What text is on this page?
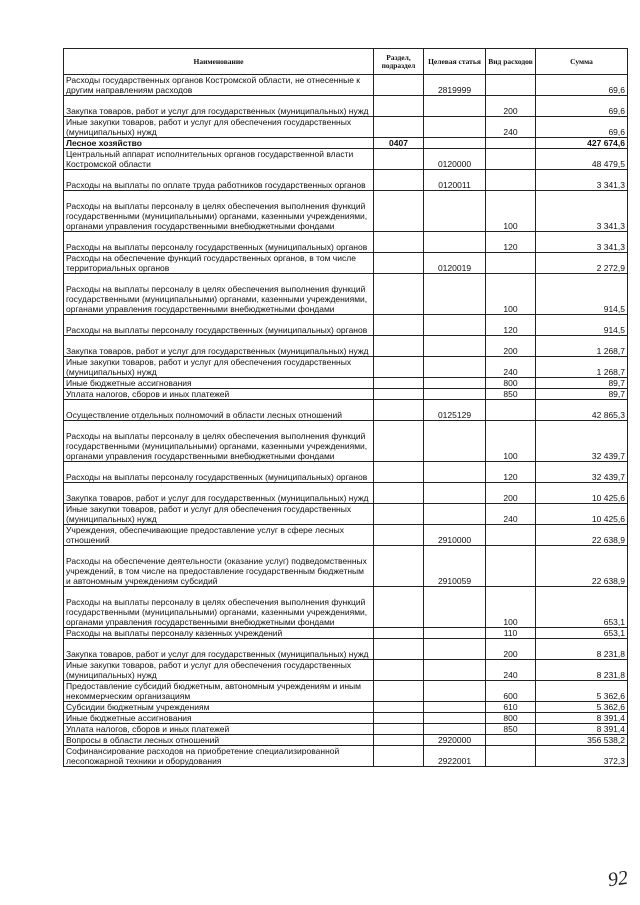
Наименование	Раздел, подраздел	Целевая статья	Вид расходов	Сумма
Расходы государственных органов Костромской области, не отнесенные к другим направлениям расходов		2819999		69,6
Закупка товаров, работ и услуг для государственных (муниципальных) нужд			200	69,6
Иные закупки товаров, работ и услуг для обеспечения государственных (муниципальных) нужд			240	69,6
Лесное хозяйство	0407			427 674,6
Центральный аппарат исполнительных органов государственной власти Костромской области		0120000		48 479,5
Расходы на выплаты по оплате труда работников государственных органов		0120011		3 341,3
Расходы на выплаты персоналу в целях обеспечения выполнения функций государственными (муниципальными) органами, казенными учреждениями, органами управления государственными внебюджетными фондами			100	3 341,3
Расходы на выплаты персоналу государственных (муниципальных) органов			120	3 341,3
Расходы на обеспечение функций государственных органов, в том числе территориальных органов		0120019		2 272,9
Расходы на выплаты персоналу в целях обеспечения выполнения функций государственными (муниципальными) органами, казенными учреждениями, органами управления государственными внебюджетными фондами			100	914,5
Расходы на выплаты персоналу государственных (муниципальных) органов			120	914,5
Закупка товаров, работ и услуг для государственных (муниципальных) нужд			200	1 268,7
Иные закупки товаров, работ и услуг для обеспечения государственных (муниципальных) нужд			240	1 268,7
Иные бюджетные ассигнования			800	89,7
Уплата налогов, сборов и иных платежей			850	89,7
Осуществление отдельных полномочий в области лесных отношений		0125129		42 865,3
Расходы на выплаты персоналу в целях обеспечения выполнения функций государственными (муниципальными) органами, казенными учреждениями, органами управления государственными внебюджетными фондами			100	32 439,7
Расходы на выплаты персоналу государственных (муниципальных) органов			120	32 439,7
Закупка товаров, работ и услуг для государственных (муниципальных) нужд			200	10 425,6
Иные закупки товаров, работ и услуг для обеспечения государственных (муниципальных) нужд			240	10 425,6
Учреждения, обеспечивающие предоставление услуг в сфере лесных отношений		2910000		22 638,9
Расходы на обеспечение деятельности (оказание услуг) подведомственных учреждений, в том числе на предоставление государственным бюджетным и автономным учреждениям субсидий		2910059		22 638,9
Расходы на выплаты персоналу в целях обеспечения выполнения функций государственными (муниципальными) органами, казенными учреждениями, органами управления государственными внебюджетными фондами			100	653,1
Расходы на выплаты персоналу казенных учреждений			110	653,1
Закупка товаров, работ и услуг для государственных (муниципальных) нужд			200	8 231,8
Иные закупки товаров, работ и услуг для обеспечения государственных (муниципальных) нужд			240	8 231,8
Предоставление субсидий бюджетным, автономным учреждениям и иным некоммерческим организациям			600	5 362,6
Субсидии бюджетным учреждениям			610	5 362,6
Иные бюджетные ассигнования			800	8 391,4
Уплата налогов, сборов и иных платежей			850	8 391,4
Вопросы в области лесных отношений		2920000		356 538,2
Софинансирование расходов на приобретение специализированной лесопожарной техники и оборудования		2922001		372,3
92
